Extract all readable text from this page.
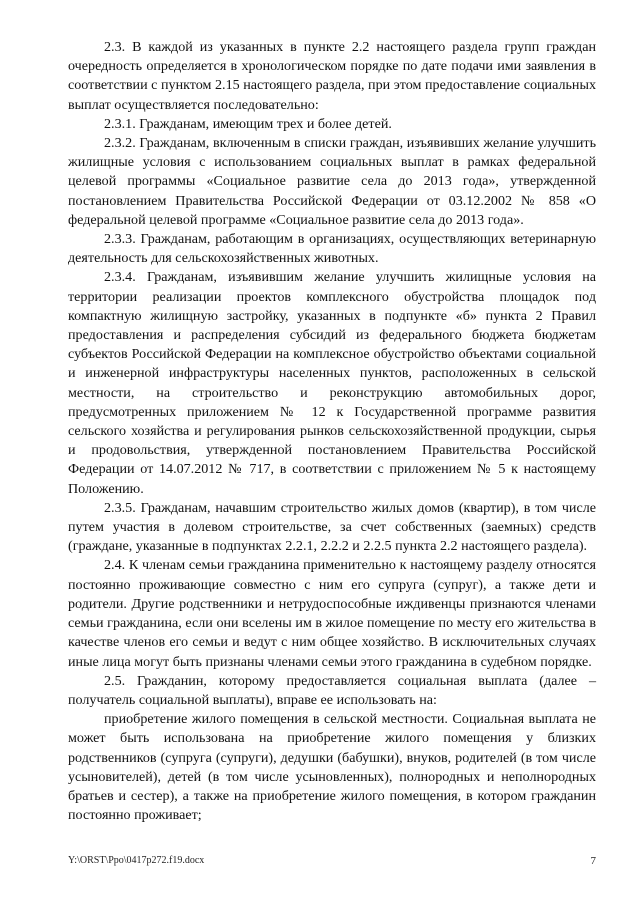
2.3. В каждой из указанных в пункте 2.2 настоящего раздела групп граждан очередность определяется в хронологическом порядке по дате подачи ими заявления в соответствии с пунктом 2.15 настоящего раздела, при этом предоставление социальных выплат осуществляется последовательно:

2.3.1. Гражданам, имеющим трех и более детей.

2.3.2. Гражданам, включенным в списки граждан, изъявивших желание улучшить жилищные условия с использованием социальных выплат в рамках федеральной целевой программы «Социальное развитие села до 2013 года», утвержденной постановлением Правительства Российской Федерации от 03.12.2002 № 858 «О федеральной целевой программе «Социальное развитие села до 2013 года».

2.3.3. Гражданам, работающим в организациях, осуществляющих ветеринарную деятельность для сельскохозяйственных животных.

2.3.4. Гражданам, изъявившим желание улучшить жилищные условия на территории реализации проектов комплексного обустройства площадок под компактную жилищную застройку, указанных в подпункте «б» пункта 2 Правил предоставления и распределения субсидий из федерального бюджета бюджетам субъектов Российской Федерации на комплексное обустройство объектами социальной и инженерной инфраструктуры населенных пунктов, расположенных в сельской местности, на строительство и реконструкцию автомобильных дорог, предусмотренных приложением № 12 к Государственной программе развития сельского хозяйства и регулирования рынков сельскохозяйственной продукции, сырья и продовольствия, утвержденной постановлением Правительства Российской Федерации от 14.07.2012 № 717, в соответствии с приложением № 5 к настоящему Положению.

2.3.5. Гражданам, начавшим строительство жилых домов (квартир), в том числе путем участия в долевом строительстве, за счет собственных (заемных) средств (граждане, указанные в подпунктах 2.2.1, 2.2.2 и 2.2.5 пункта 2.2 настоящего раздела).

2.4. К членам семьи гражданина применительно к настоящему разделу относятся постоянно проживающие совместно с ним его супруга (супруг), а также дети и родители. Другие родственники и нетрудоспособные иждивенцы признаются членами семьи гражданина, если они вселены им в жилое помещение по месту его жительства в качестве членов его семьи и ведут с ним общее хозяйство. В исключительных случаях иные лица могут быть признаны членами семьи этого гражданина в судебном порядке.

2.5. Гражданин, которому предоставляется социальная выплата (далее – получатель социальной выплаты), вправе ее использовать на:

приобретение жилого помещения в сельской местности. Социальная выплата не может быть использована на приобретение жилого помещения у близких родственников (супруга (супруги), дедушки (бабушки), внуков, родителей (в том числе усыновителей), детей (в том числе усыновленных), полнородных и неполнородных братьев и сестер), а также на приобретение жилого помещения, в котором гражданин постоянно проживает;

Y:\ORST\Ppo\0417p272.f19.docx	7
